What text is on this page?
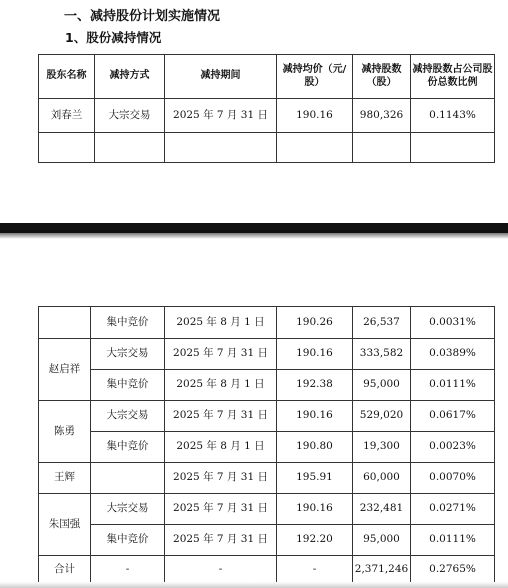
一、减持股份计划实施情况
1、股份减持情况
股东名称	减持方式	减持期间	减持均价（元/股）	减持股数（股）	减持股数占公司股份总数比例
刘春兰	大宗交易	2025 年 7 月 31 日	190.16	980,326	0.1143%

	集中竞价	2025 年 8 月 1 日	190.26	26,537	0.0031%
赵启祥	大宗交易	2025 年 7 月 31 日	190.16	333,582	0.0389%
	集中竞价	2025 年 8 月 1 日	192.38	95,000	0.0111%
陈勇	大宗交易	2025 年 7 月 31 日	190.16	529,020	0.0617%
	集中竞价	2025 年 8 月 1 日	190.80	19,300	0.0023%
王辉		2025 年 7 月 31 日	195.91	60,000	0.0070%
朱国强	大宗交易	2025 年 7 月 31 日	190.16	232,481	0.0271%
	集中竞价	2025 年 7 月 31 日	192.20	95,000	0.0111%
合计	-	-	-	2,371,246	0.2765%
